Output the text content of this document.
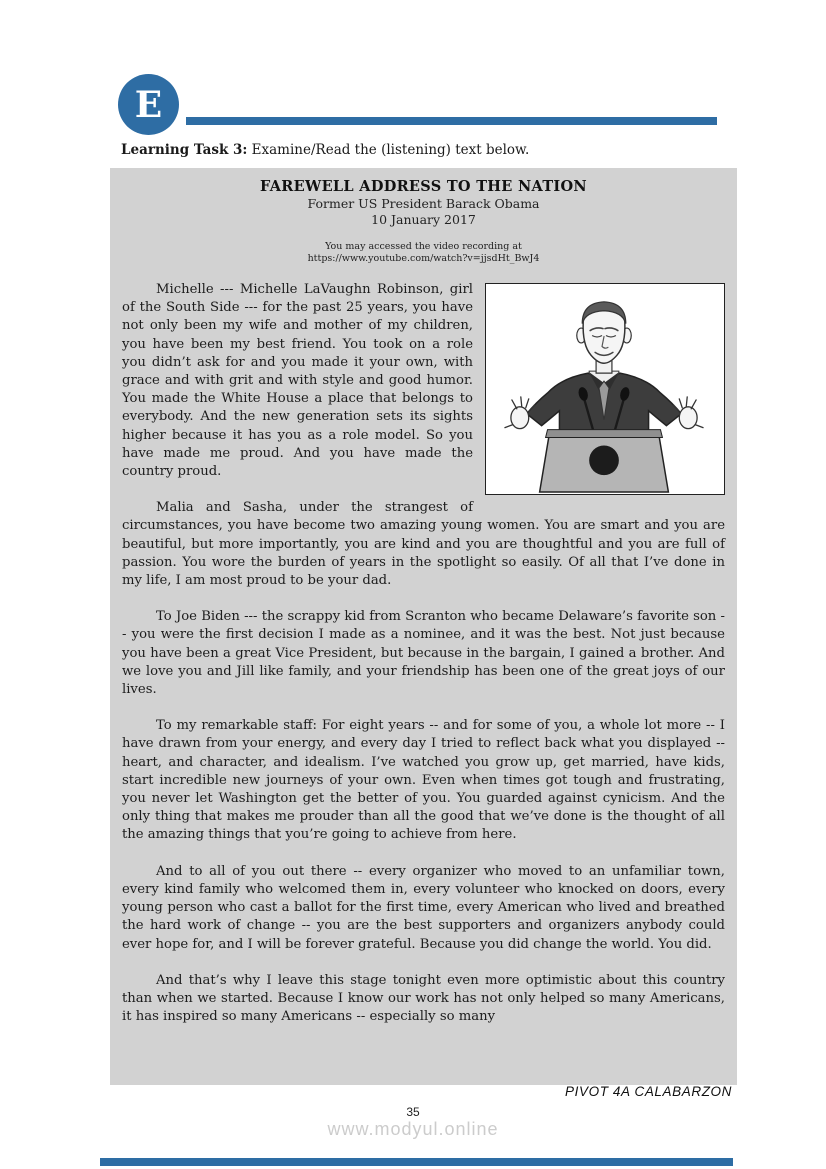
E
Learning Task 3: Examine/Read the (listening) text below.
FAREWELL ADDRESS TO THE NATION
Former US President Barack Obama
10 January 2017
You may accessed the video recording at
https://www.youtube.com/watch?v=jjsdHt_BwJ4

Michelle --- Michelle LaVaughn Robinson, girl of the South Side --- for the past 25 years, you have not only been my wife and mother of my children, you have been my best friend. You took on a role you didn’t ask for and you made it your own, with grace and with grit and with style and good humor. You made the White House a place that belongs to everybody. And the new generation sets its sights higher because it has you as a role model. So you have made me proud. And you have made the country proud.

Malia and Sasha, under the strangest of circumstances, you have become two amazing young women. You are smart and you are beautiful, but more importantly, you are kind and you are thoughtful and you are full of passion. You wore the burden of years in the spotlight so easily. Of all that I’ve done in my life, I am most proud to be your dad.

To Joe Biden --- the scrappy kid from Scranton who became Delaware’s favorite son -- you were the first decision I made as a nominee, and it was the best. Not just because you have been a great Vice President, but because in the bargain, I gained a brother. And we love you and Jill like family, and your friendship has been one of the great joys of our lives.

To my remarkable staff: For eight years -- and for some of you, a whole lot more -- I have drawn from your energy, and every day I tried to reflect back what you displayed -- heart, and character, and idealism. I’ve watched you grow up, get married, have kids, start incredible new journeys of your own. Even when times got tough and frustrating, you never let Washington get the better of you. You guarded against cynicism. And the only thing that makes me prouder than all the good that we’ve done is the thought of all the amazing things that you’re going to achieve from here.

And to all of you out there -- every organizer who moved to an unfamiliar town, every kind family who welcomed them in, every volunteer who knocked on doors, every young person who cast a ballot for the first time, every American who lived and breathed the hard work of change -- you are the best supporters and organizers anybody could ever hope for, and I will be forever grateful. Because you did change the world. You did.

And that’s why I leave this stage tonight even more optimistic about this country than when we started. Because I know our work has not only helped so many Americans, it has inspired so many Americans -- especially so many

PIVOT 4A CALABARZON
35
www.modyul.online
